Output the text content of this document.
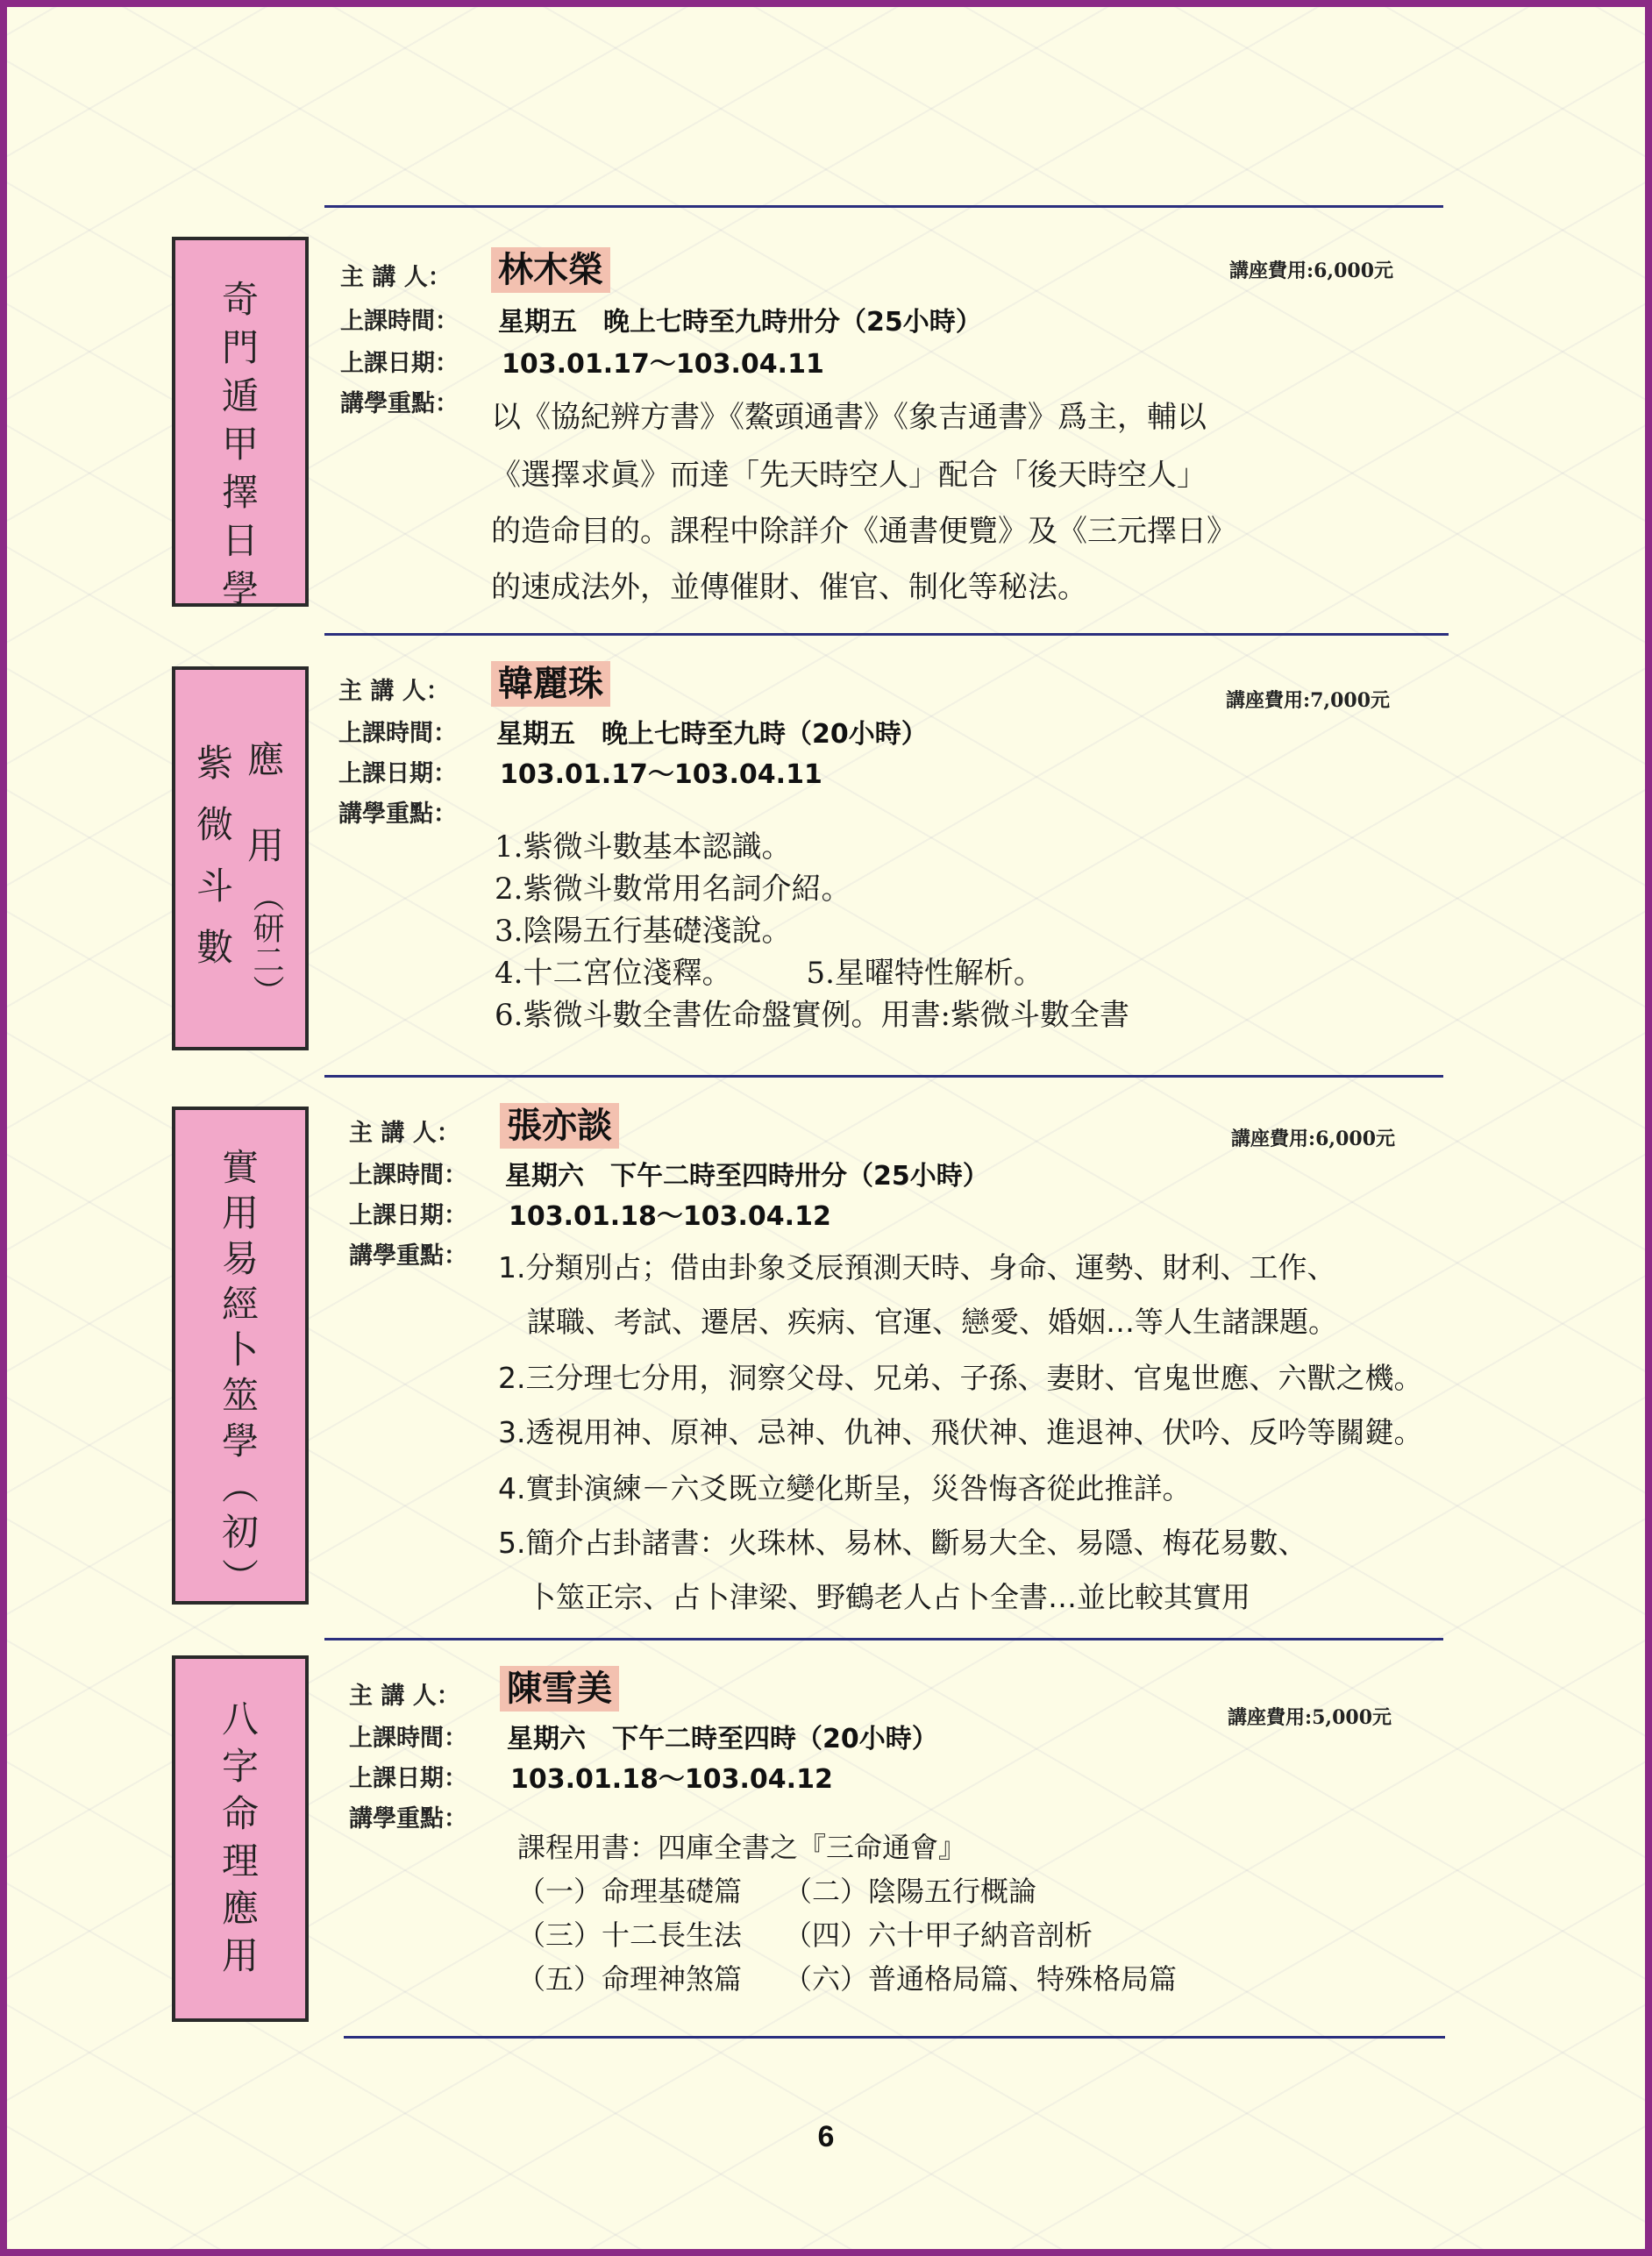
奇
門
遁
甲
擇
日
學
主 講 人： 林木榮	講座費用:6,000元
上課時間： 星期五　晚上七時至九時卅分（25小時）
上課日期： 103.01.17～103.04.11
講學重點： 以《協紀辨方書》《鰲頭通書》《象吉通書》爲主，輔以
《選擇求眞》而達「先天時空人」配合「後天時空人」
的造命目的。課程中除詳介《通書便覽》及《三元擇日》
的速成法外，並傳催財、催官、制化等秘法。
應
用
︵研二︶
紫
微
斗
數
主 講 人： 韓麗珠	講座費用:7,000元
上課時間： 星期五　晚上七時至九時（20小時）
上課日期： 103.01.17～103.04.11
講學重點：
1.紫微斗數基本認識。
2.紫微斗數常用名詞介紹。
3.陰陽五行基礎淺說。
4.十二宮位淺釋。　　　5.星曜特性解析。
6.紫微斗數全書佐命盤實例。用書:紫微斗數全書
實
用
易
經
卜
筮
學
︵
初
︶
主 講 人： 張亦談	講座費用:6,000元
上課時間： 星期六　下午二時至四時卅分（25小時）
上課日期： 103.01.18～103.04.12
講學重點： 1.分類別占；借由卦象爻辰預測天時、身命、運勢、財利、工作、
　謀職、考試、遷居、疾病、官運、戀愛、婚姻…等人生諸課題。
2.三分理七分用，洞察父母、兄弟、子孫、妻財、官鬼世應、六獸之機。
3.透視用神、原神、忌神、仇神、飛伏神、進退神、伏吟、反吟等關鍵。
4.實卦演練－六爻既立變化斯呈，災咎悔吝從此推詳。
5.簡介占卦諸書：火珠林、易林、斷易大全、易隱、梅花易數、
　卜筮正宗、占卜津梁、野鶴老人占卜全書…並比較其實用
八
字
命
理
應
用
主 講 人： 陳雪美
講座費用:5,000元
上課時間： 星期六　下午二時至四時（20小時）
上課日期： 103.01.18～103.04.12
講學重點：
課程用書：四庫全書之『三命通會』
（一）命理基礎篇　　（二）陰陽五行概論
（三）十二長生法　　（四）六十甲子納音剖析
（五）命理神煞篇　　（六）普通格局篇、特殊格局篇
6
